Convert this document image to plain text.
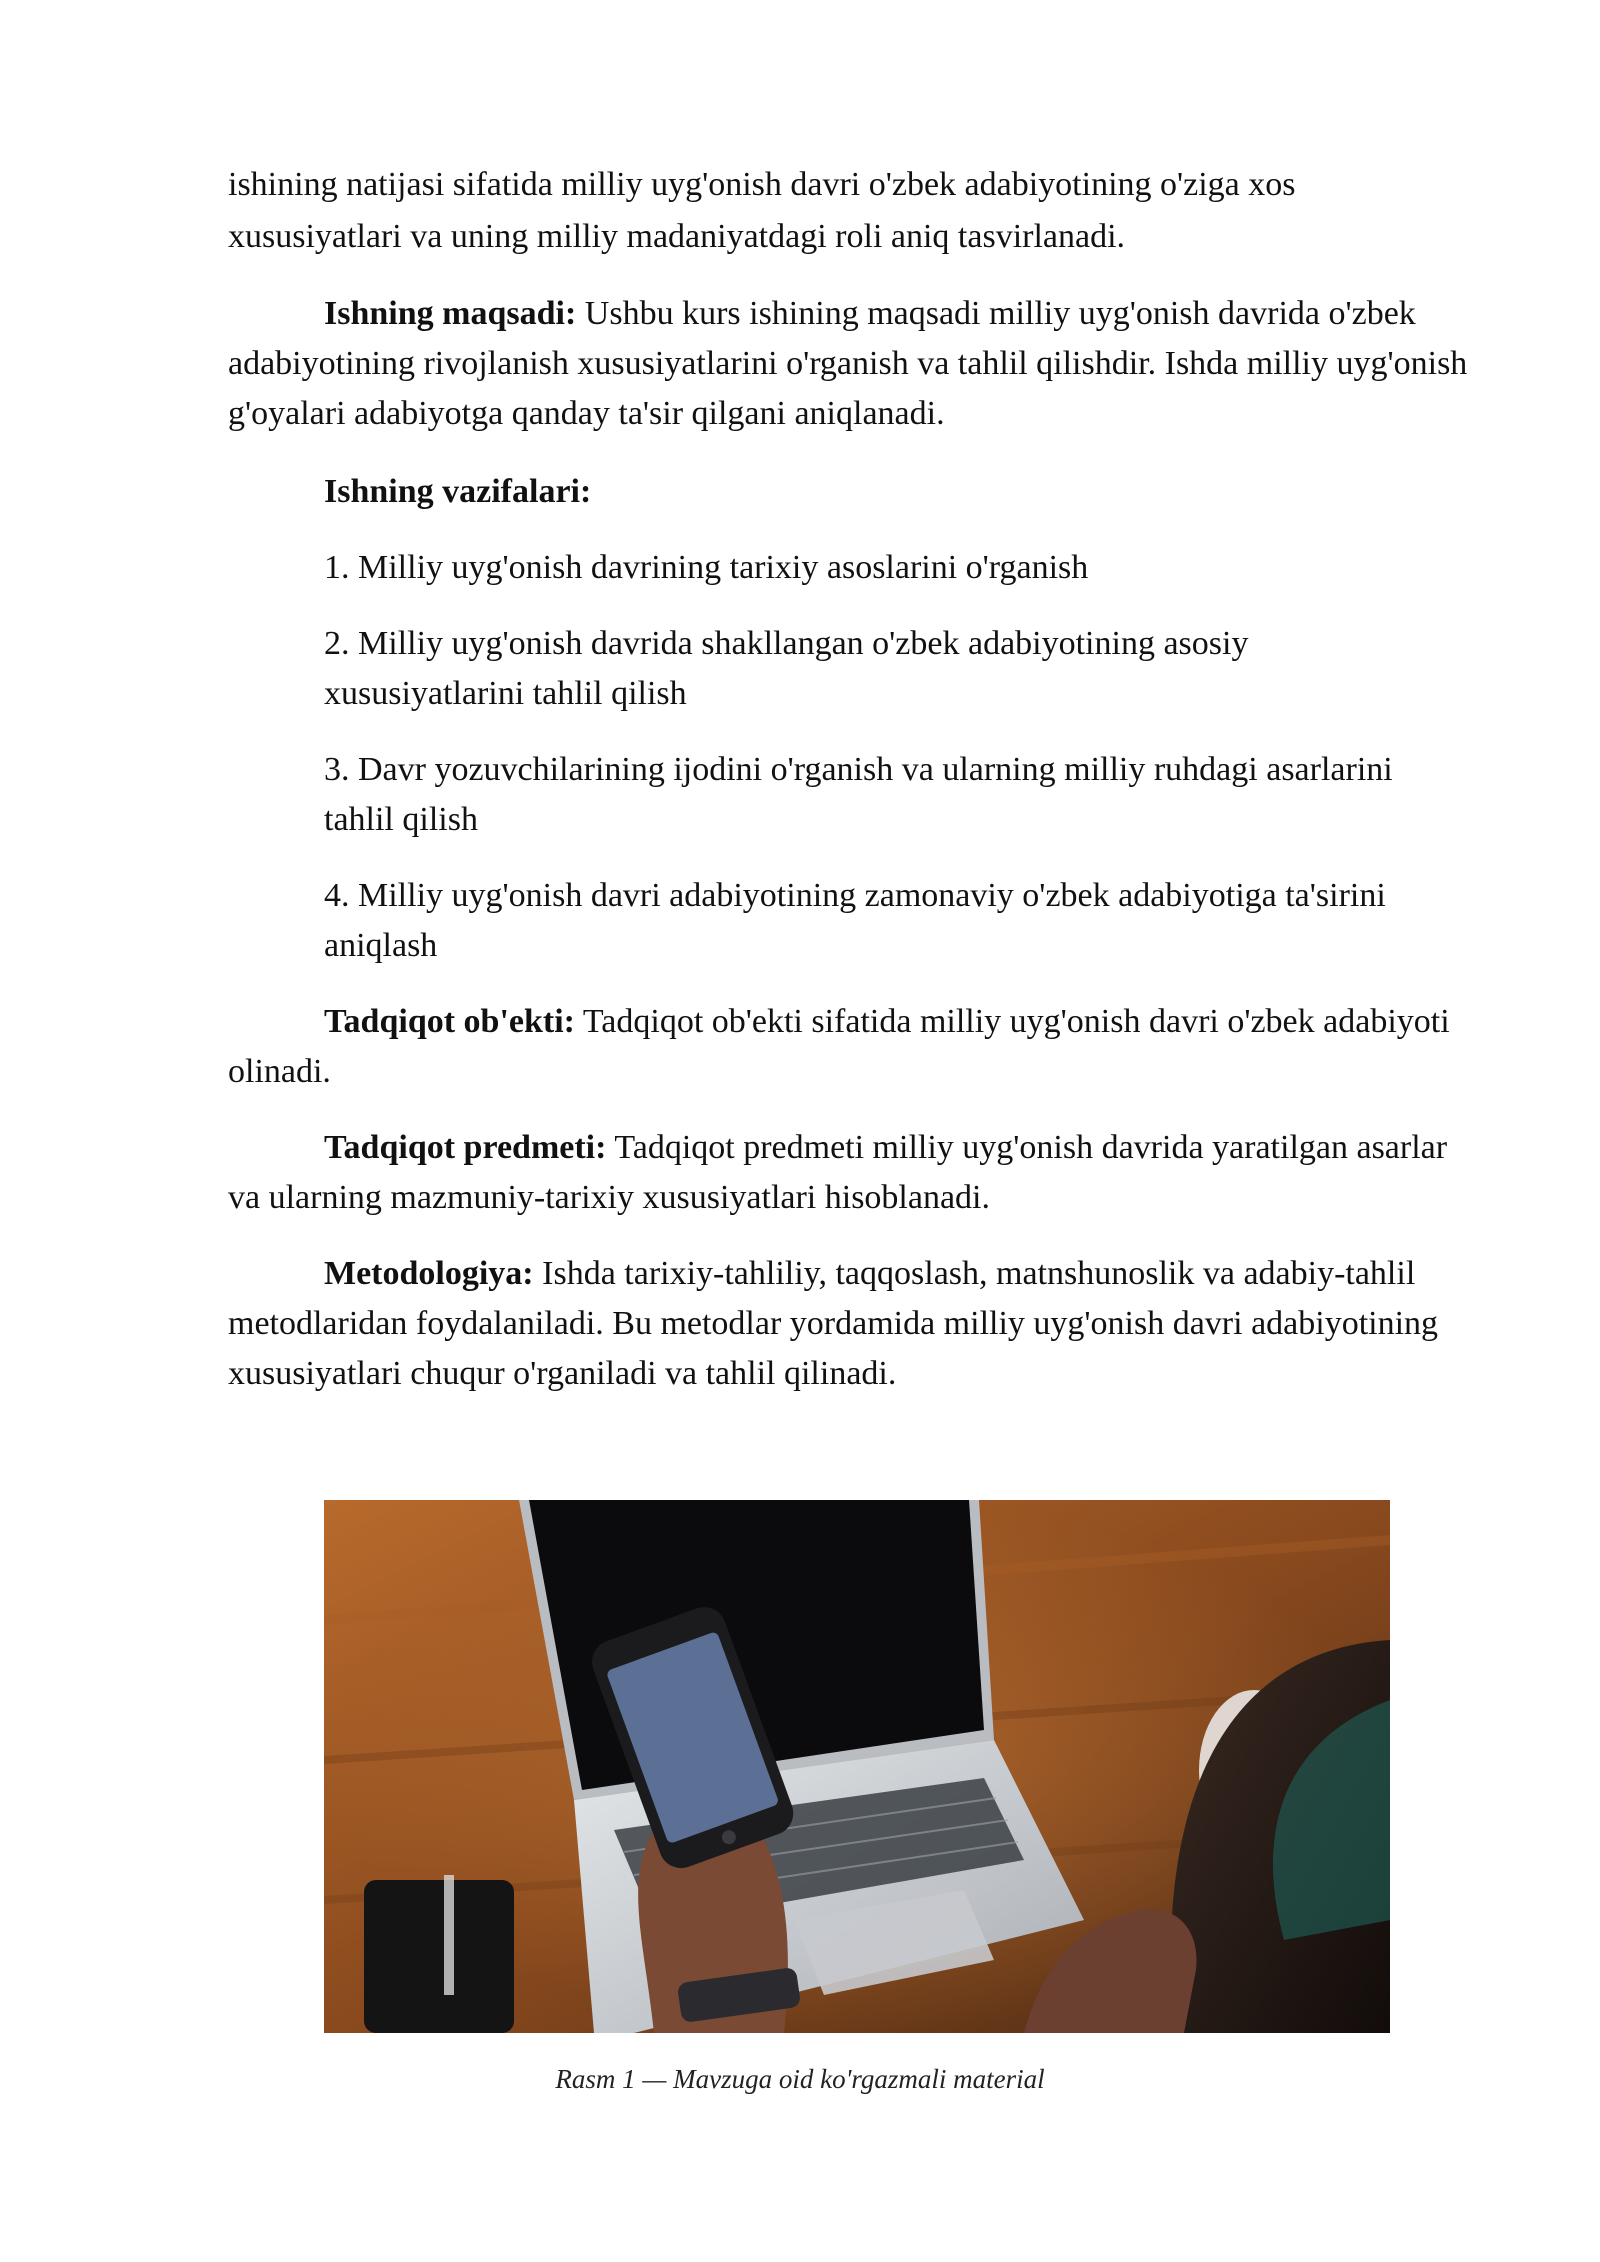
ishining natijasi sifatida milliy uyg'onish davri o'zbek adabiyotining o'ziga xos

xususiyatlari va uning milliy madaniyatdagi roli aniq tasvirlanadi.

Ishning maqsadi: Ushbu kurs ishining maqsadi milliy uyg'onish davrida o'zbek adabiyotining rivojlanish xususiyatlarini o'rganish va tahlil qilishdir. Ishda milliy uyg'onish g'oyalari adabiyotga qanday ta'sir qilgani aniqlanadi.

Ishning vazifalari:

1. Milliy uyg'onish davrining tarixiy asoslarini o'rganish

2. Milliy uyg'onish davrida shakllangan o'zbek adabiyotining asosiy xususiyatlarini tahlil qilish

3. Davr yozuvchilarining ijodini o'rganish va ularning milliy ruhdagi asarlarini tahlil qilish

4. Milliy uyg'onish davri adabiyotining zamonaviy o'zbek adabiyotiga ta'sirini aniqlash

Tadqiqot ob'ekti: Tadqiqot ob'ekti sifatida milliy uyg'onish davri o'zbek adabiyoti olinadi.

Tadqiqot predmeti: Tadqiqot predmeti milliy uyg'onish davrida yaratilgan asarlar va ularning mazmuniy-tarixiy xususiyatlari hisoblanadi.

Metodologiya: Ishda tarixiy-tahliliy, taqqoslash, matnshunoslik va adabiy-tahlil metodlaridan foydalaniladi. Bu metodlar yordamida milliy uyg'onish davri adabiyotining xususiyatlari chuqur o'rganiladi va tahlil qilinadi.

Rasm 1 — Mavzuga oid ko'rgazmali material
